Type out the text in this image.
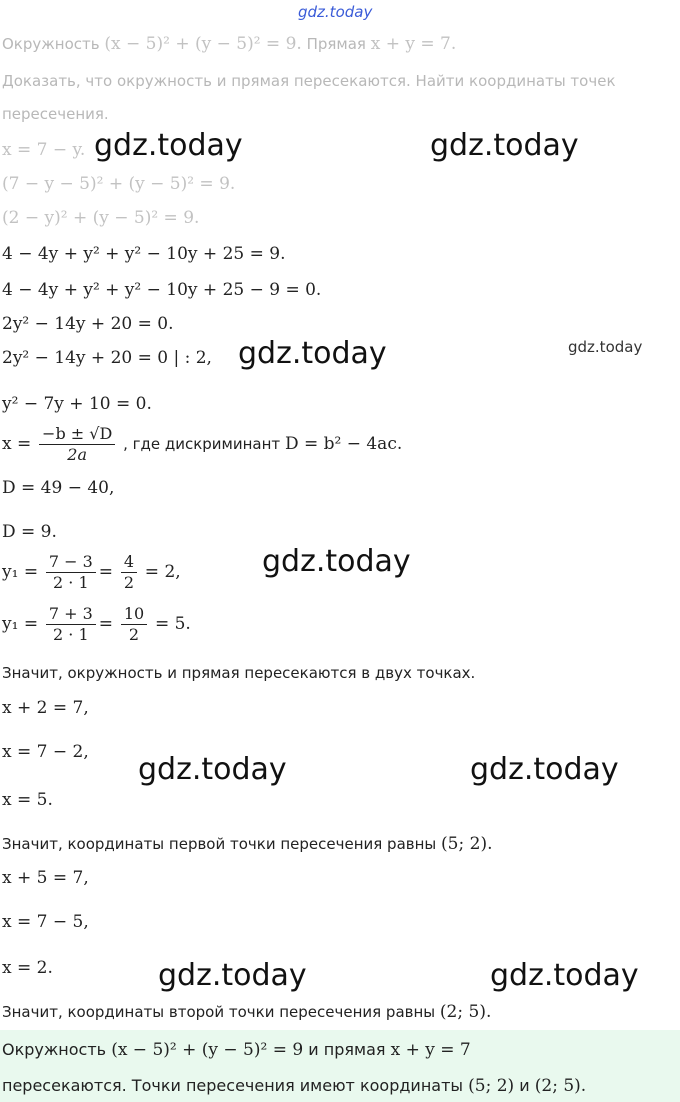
gdz.today
Окружность (x − 5)² + (y − 5)² = 9. Прямая x + y = 7.
Доказать, что окружность и прямая пересекаются. Найти координаты точек
пересечения.
x = 7 − y. gdz.today	gdz.today
(7 − y − 5)² + (y − 5)² = 9.
(2 − y)² + (y − 5)² = 9.
4 − 4y + y² + y² − 10y + 25 = 9.
4 − 4y + y² + y² − 10y + 25 − 9 = 0.
2y² − 14y + 20 = 0.
2y² − 14y + 20 = 0 | : 2, gdz.today	gdz.today
y² − 7y + 10 = 0.
$x = \frac{-b \pm √D}{2a}$ , где дискриминант D = b² − 4ac.
D = 49 − 40,
D = 9.
$y_1 = \frac{7 - 3}{2 \cdot 1} = \frac{4}{2} = 2$,	gdz.today
$y_1 = \frac{7 + 3}{2 \cdot 1} = \frac{10}{2} = 5$.
Значит, окружность и прямая пересекаются в двух точках.
x + 2 = 7,
x = 7 − 2, gdz.today	gdz.today
x = 5.
Значит, координаты первой точки пересечения равны (5; 2).
x + 5 = 7,
x = 7 − 5,
x = 2.	gdz.today	gdz.today
Значит, координаты второй точки пересечения равны (2; 5).
Окружность (x − 5)² + (y − 5)² = 9 и прямая x + y = 7
пересекаются. Точки пересечения имеют координаты (5; 2) и (2; 5).
